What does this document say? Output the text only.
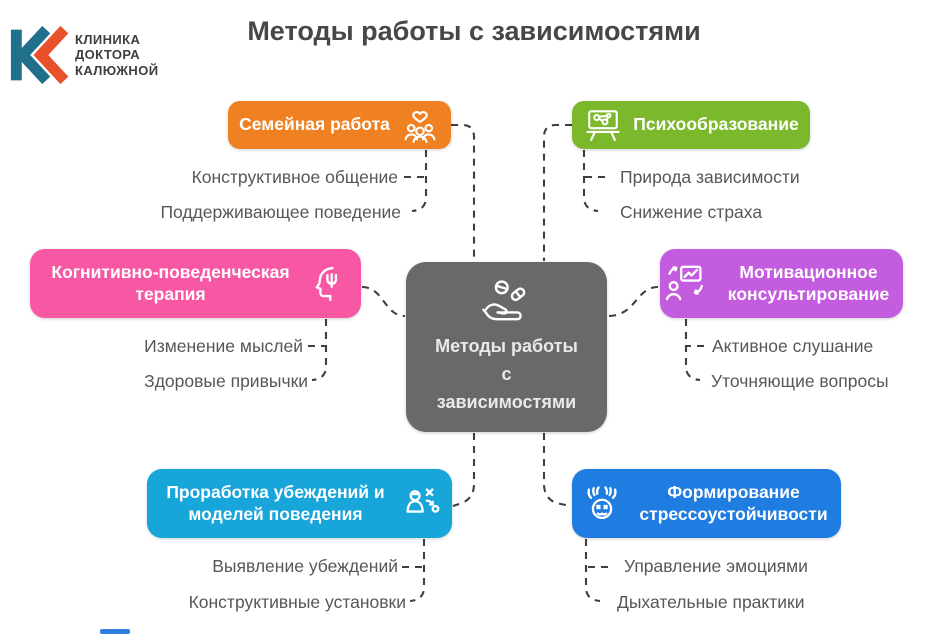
КЛИНИКА
ДОКТОРА
КАЛЮЖНОЙ
Методы работы с зависимостями
Методы работы
с
зависимостями
Семейная работа
Конструктивное общение
Поддерживающее поведение
Психообразование
Природа зависимости
Снижение страха
Когнитивно-поведенческая терапия
Изменение мыслей
Здоровые привычки
Мотивационное консультирование
Активное слушание
Уточняющие вопросы
Проработка убеждений и моделей поведения
Выявление убеждений
Конструктивные установки
Формирование стрессоустойчивости
Управление эмоциями
Дыхательные практики
